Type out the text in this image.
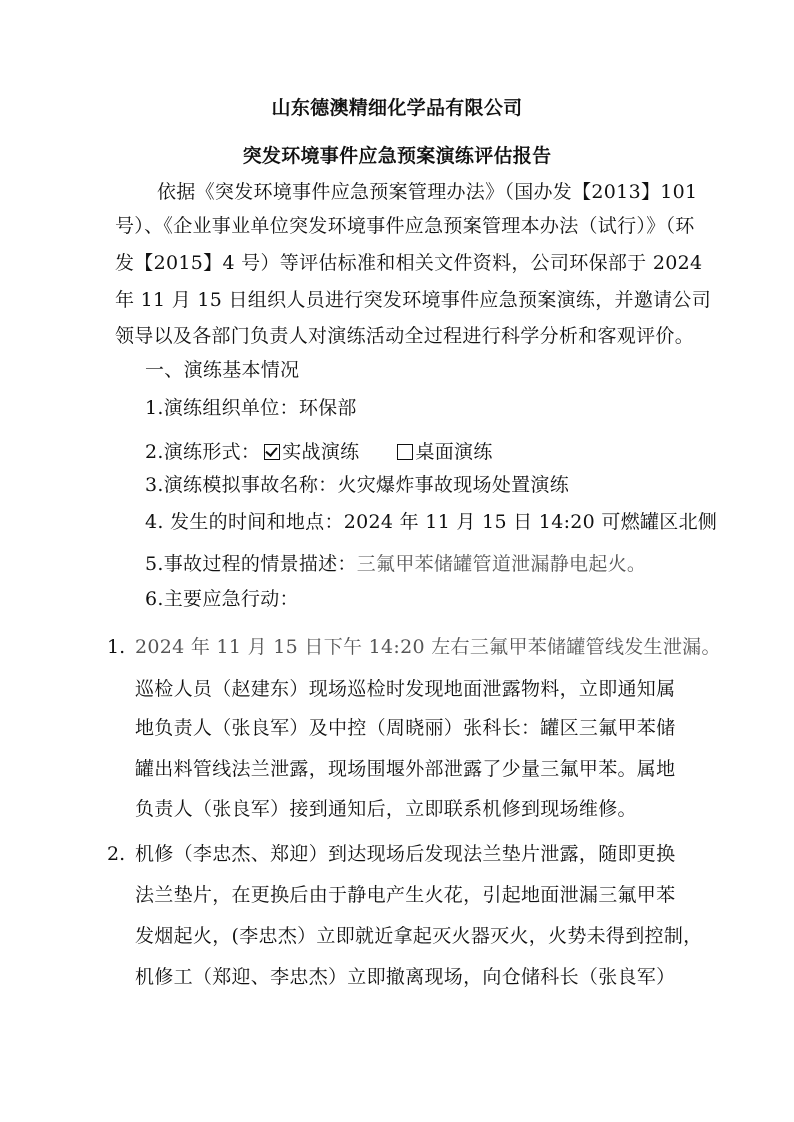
山东德澳精细化学品有限公司
突发环境事件应急预案演练评估报告
依据《突发环境事件应急预案管理办法》（国办发【2013】101
号）、《企业事业单位突发环境事件应急预案管理本办法（试行）》（环
发【2015】4 号）等评估标准和相关文件资料，公司环保部于 2024
年 11 月 15 日组织人员进行突发环境事件应急预案演练，并邀请公司
领导以及各部门负责人对演练活动全过程进行科学分析和客观评价。
一、演练基本情况
1.演练组织单位：环保部
2.演练形式： 实战演练	桌面演练
3.演练模拟事故名称：火灾爆炸事故现场处置演练
4. 发生的时间和地点：2024 年 11 月 15 日 14:20 可燃罐区北侧
5.事故过程的情景描述：三氟甲苯储罐管道泄漏静电起火。
6.主要应急行动：
1. 2024 年 11 月 15 日下午 14:20 左右三氟甲苯储罐管线发生泄漏。
巡检人员（赵建东）现场巡检时发现地面泄露物料，立即通知属
地负责人（张良军）及中控（周晓丽）张科长：罐区三氟甲苯储
罐出料管线法兰泄露，现场围堰外部泄露了少量三氟甲苯。属地
负责人（张良军）接到通知后，立即联系机修到现场维修。
2. 机修（李忠杰、郑迎）到达现场后发现法兰垫片泄露，随即更换
法兰垫片，在更换后由于静电产生火花，引起地面泄漏三氟甲苯
发烟起火，(李忠杰）立即就近拿起灭火器灭火，火势未得到控制，
机修工（郑迎、李忠杰）立即撤离现场，向仓储科长（张良军）
